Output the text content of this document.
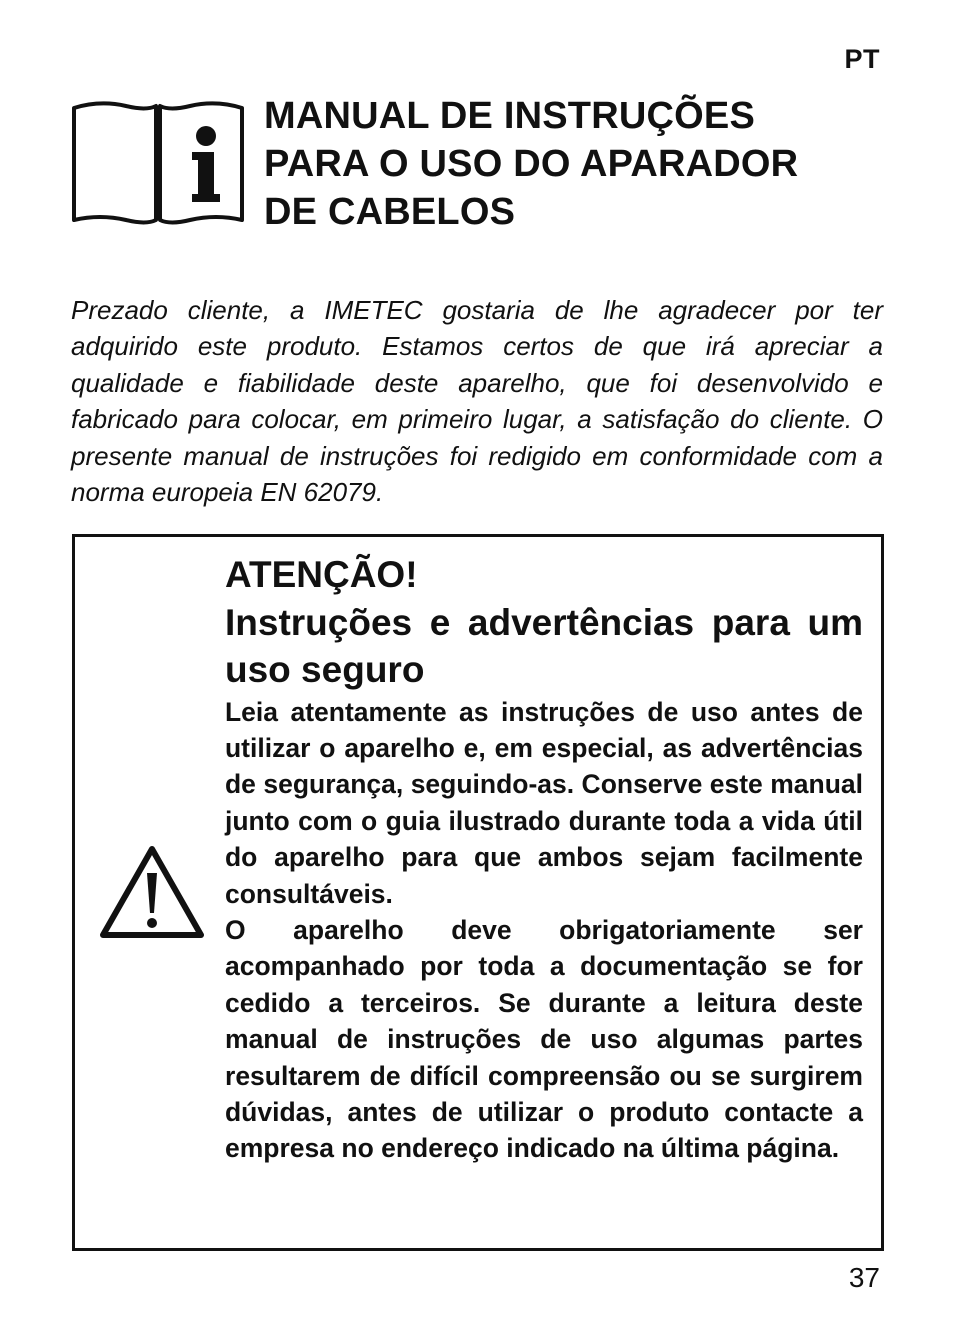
PT
MANUAL DE INSTRUÇÕES
PARA O USO DO APARADOR
DE CABELOS

Prezado cliente, a IMETEC gostaria de lhe agradecer por ter adquirido este produto. Estamos certos de que irá apreciar a qualidade e fiabilidade deste aparelho, que foi desenvolvido e fabricado para colocar, em primeiro lugar, a satisfação do cliente. O presente manual de instruções foi redigido em conformidade com a norma europeia EN 62079.

ATENÇÃO!

Instruções e advertências para um uso seguro

Leia atentamente as instruções de uso antes de utilizar o aparelho e, em especial, as advertências de segurança, seguindo-as. Conserve este manual junto com o guia ilustrado durante toda a vida útil do aparelho para que ambos sejam facilmente consultáveis.

O aparelho deve obrigatoriamente ser acompanhado por toda a documentação se for cedido a terceiros. Se durante a leitura deste manual de instruções de uso algumas partes resultarem de difícil compreensão ou se surgirem dúvidas, antes de utilizar o produto contacte a empresa no endereço indicado na última página.

37
